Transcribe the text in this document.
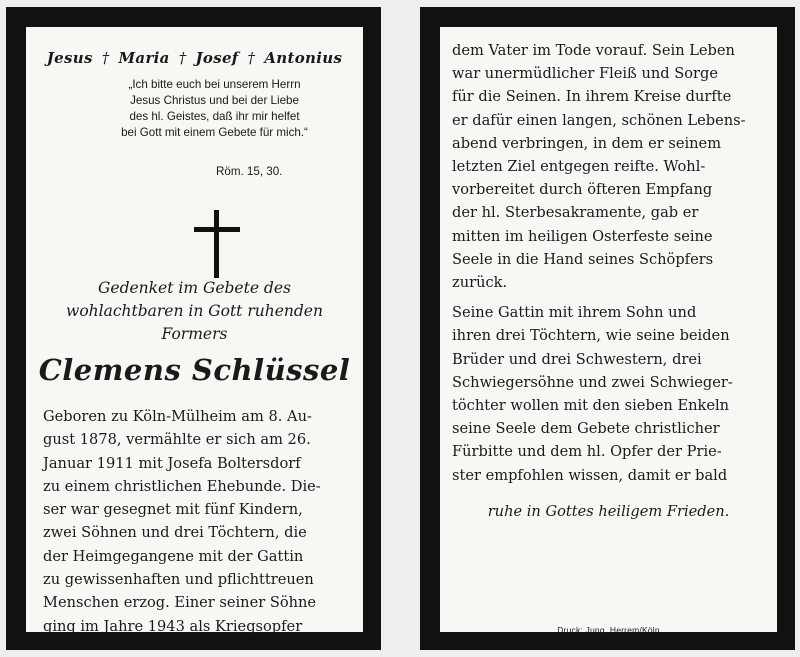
Jesus † Maria † Josef † Antonius
„Ich bitte euch bei unserem Herrn
Jesus Christus und bei der Liebe
des hl. Geistes, daß ihr mir helfet
bei Gott mit einem Gebete für mich.“
Röm. 15, 30.
Gedenket im Gebete des
wohlachtbaren in Gott ruhenden
Formers
Clemens Schlüssel
Geboren zu Köln-Mülheim am 8. Au-
gust 1878, vermählte er sich am 26.
Januar 1911 mit Josefa Boltersdorf
zu einem christlichen Ehebunde. Die-
ser war gesegnet mit fünf Kindern,
zwei Söhnen und drei Töchtern, die
der Heimgegangene mit der Gattin
zu gewissenhaften und pflichttreuen
Menschen erzog. Einer seiner Söhne
ging im Jahre 1943 als Kriegsopfer
dem Vater im Tode vorauf. Sein Leben
war unermüdlicher Fleiß und Sorge
für die Seinen. In ihrem Kreise durfte
er dafür einen langen, schönen Lebens-
abend verbringen, in dem er seinem
letzten Ziel entgegen reifte. Wohl-
vorbereitet durch öfteren Empfang
der hl. Sterbesakramente, gab er
mitten im heiligen Osterfeste seine
Seele in die Hand seines Schöpfers
zurück.
Seine Gattin mit ihrem Sohn und
ihren drei Töchtern, wie seine beiden
Brüder und drei Schwestern, drei
Schwiegersöhne und zwei Schwieger-
töchter wollen mit den sieben Enkeln
seine Seele dem Gebete christlicher
Fürbitte und dem hl. Opfer der Prie-
ster empfohlen wissen, damit er bald
ruhe in Gottes heiligem Frieden.
Druck: Jung, Herrem/Köln
